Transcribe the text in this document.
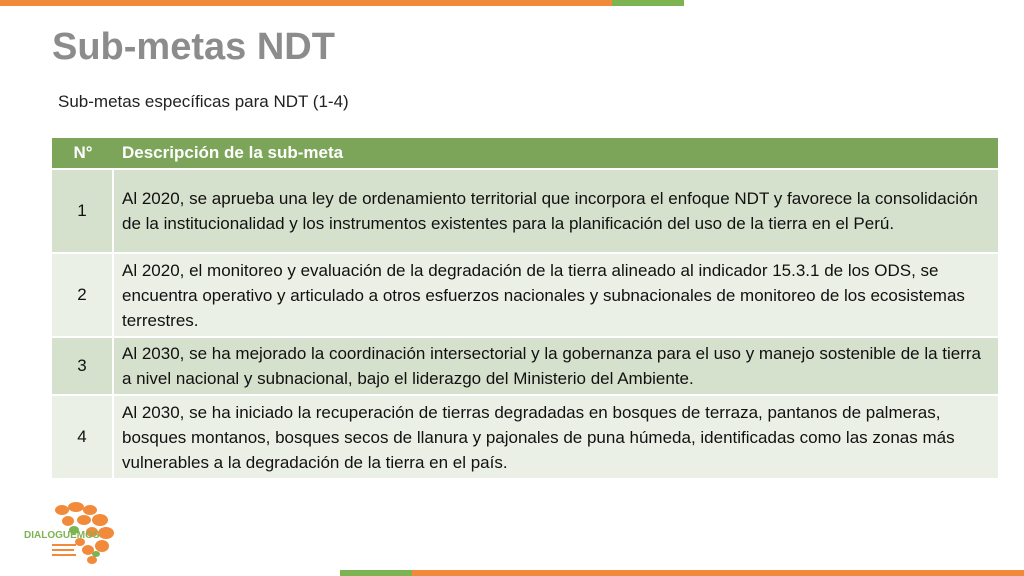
Sub-metas NDT

Sub-metas específicas para NDT (1-4)

N°	Descripción de la sub-meta
1	Al 2020, se aprueba una ley de ordenamiento territorial que incorpora el enfoque NDT y favorece la consolidación de la institucionalidad y los instrumentos existentes para la planificación del uso de la tierra en el Perú.
2	Al 2020, el monitoreo y evaluación de la degradación de la tierra alineado al indicador 15.3.1 de los ODS, se encuentra operativo y articulado a otros esfuerzos nacionales y subnacionales de monitoreo de los ecosistemas terrestres.
3	Al 2030, se ha mejorado la coordinación intersectorial y la gobernanza para el uso y manejo sostenible de la tierra a nivel nacional y subnacional, bajo el liderazgo del Ministerio del Ambiente.
4	Al 2030, se ha iniciado la recuperación de tierras degradadas en bosques de terraza, pantanos de palmeras, bosques montanos, bosques secos de llanura y pajonales de puna húmeda, identificadas como las zonas más vulnerables a la degradación de la tierra en el país.
DIALOGUEMOS
